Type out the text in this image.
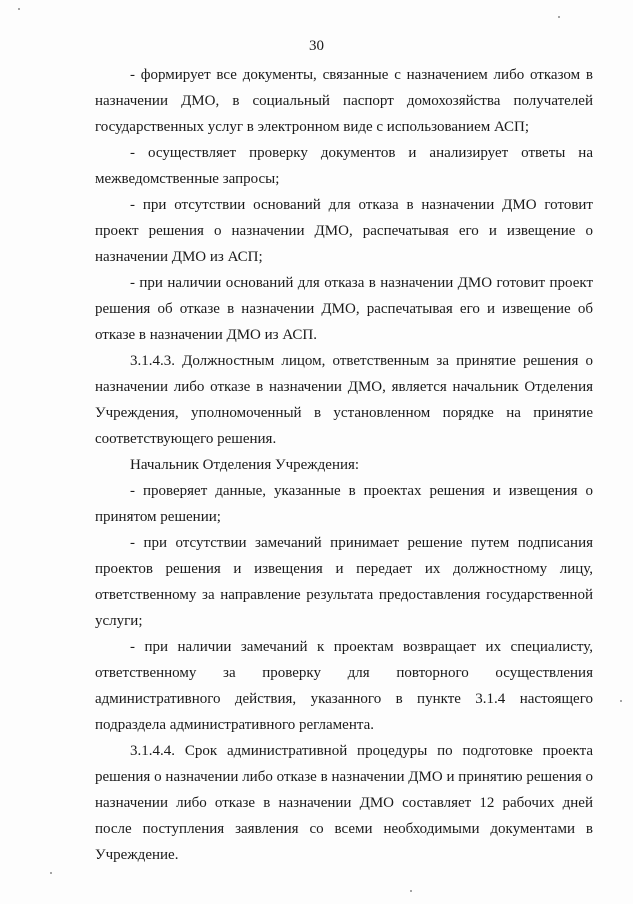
30

- формирует все документы, связанные с назначением либо отказом в назначении ДМО, в социальный паспорт домохозяйства получателей государственных услуг в электронном виде с использованием АСП;

- осуществляет проверку документов и анализирует ответы на межведомственные запросы;

- при отсутствии оснований для отказа в назначении ДМО готовит проект решения о назначении ДМО, распечатывая его и извещение о назначении ДМО из АСП;

- при наличии оснований для отказа в назначении ДМО готовит проект решения об отказе в назначении ДМО, распечатывая его и извещение об отказе в назначении ДМО из АСП.

3.1.4.3. Должностным лицом, ответственным за принятие решения о назначении либо отказе в назначении ДМО, является начальник Отделения Учреждения, уполномоченный в установленном порядке на принятие соответствующего решения.

Начальник Отделения Учреждения:

- проверяет данные, указанные в проектах решения и извещения о принятом решении;

- при отсутствии замечаний принимает решение путем подписания проектов решения и извещения и передает их должностному лицу, ответственному за направление результата предоставления государственной услуги;

- при наличии замечаний к проектам возвращает их специалисту, ответственному за проверку для повторного осуществления административного действия, указанного в пункте 3.1.4 настоящего подраздела административного регламента.

3.1.4.4. Срок административной процедуры по подготовке проекта решения о назначении либо отказе в назначении ДМО и принятию решения о назначении либо отказе в назначении ДМО составляет 12 рабочих дней после поступления заявления со всеми необходимыми документами в Учреждение.
